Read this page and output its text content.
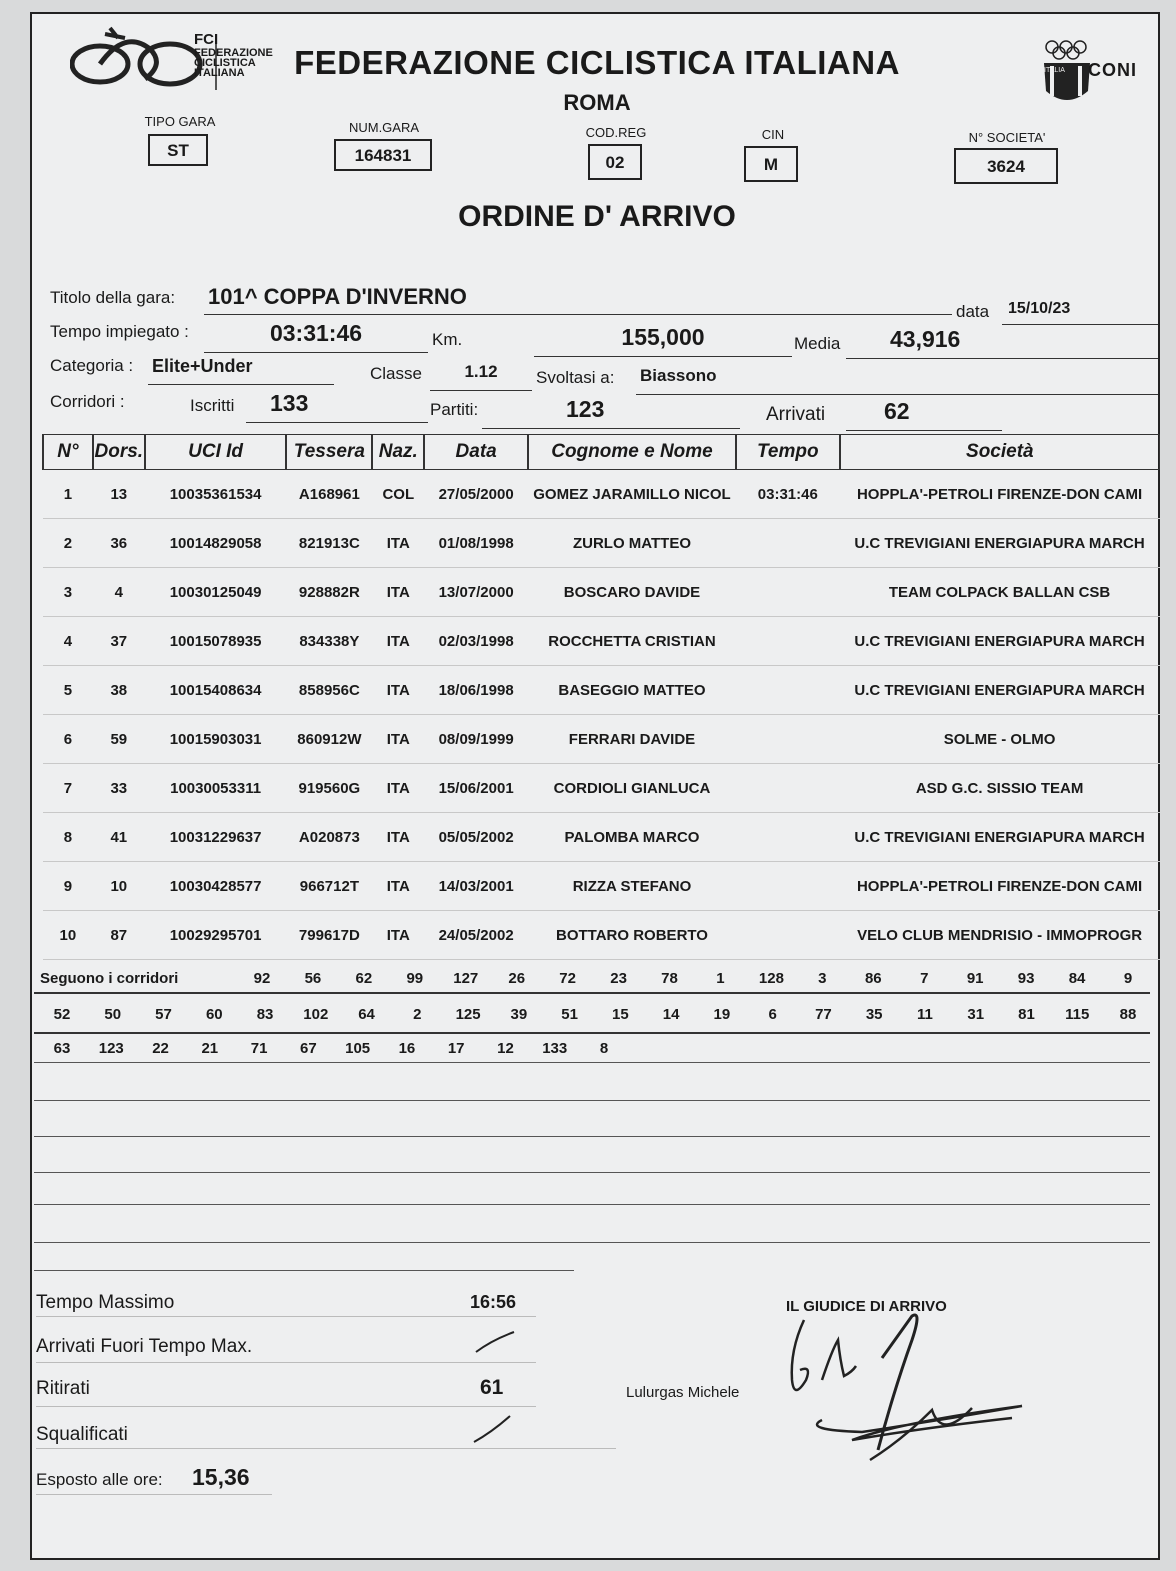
FCI
FEDERAZIONE
CICLISTICA
ITALIANA	FEDERAZIONE CICLISTICA ITALIANA
ROMA
ITALIA CONI
TIPO GARA
ST
NUM.GARA
164831
COD.REG
02
CIN
M
N° SOCIETA'
3624
ORDINE D' ARRIVO
Titolo della gara: 101^ COPPA D'INVERNO
data	15/10/23
Tempo impiegato :	03:31:46	Km.	155,000	Media	43,916
Categoria : Elite+Under	Classe	1.12	Svoltasi a: Biassono
Corridori :	Iscritti	133	Partiti:	123	Arrivati	62
N°	Dors.	UCI Id	Tessera	Naz.	Data	Cognome e Nome	Tempo	Società
1	13	10035361534	A168961	COL	27/05/2000	GOMEZ JARAMILLO NICOL	03:31:46	HOPPLA'-PETROLI FIRENZE-DON CAMI
2	36	10014829058	821913C	ITA	01/08/1998	ZURLO MATTEO		U.C TREVIGIANI ENERGIAPURA MARCH
3	4	10030125049	928882R	ITA	13/07/2000	BOSCARO DAVIDE		TEAM COLPACK BALLAN CSB
4	37	10015078935	834338Y	ITA	02/03/1998	ROCCHETTA CRISTIAN		U.C TREVIGIANI ENERGIAPURA MARCH
5	38	10015408634	858956C	ITA	18/06/1998	BASEGGIO MATTEO		U.C TREVIGIANI ENERGIAPURA MARCH
6	59	10015903031	860912W	ITA	08/09/1999	FERRARI DAVIDE		SOLME - OLMO
7	33	10030053311	919560G	ITA	15/06/2001	CORDIOLI GIANLUCA		ASD G.C. SISSIO TEAM
8	41	10031229637	A020873	ITA	05/05/2002	PALOMBA MARCO		U.C TREVIGIANI ENERGIAPURA MARCH
9	10	10030428577	966712T	ITA	14/03/2001	RIZZA STEFANO		HOPPLA'-PETROLI FIRENZE-DON CAMI
10	87	10029295701	799617D	ITA	24/05/2002	BOTTARO ROBERTO		VELO CLUB MENDRISIO - IMMOPROGR
Seguono i corridori	92	56	62	99	127	26	72	23	78	1	128	3	86	7	91	93	84	9
52	50	57	60	83	102	64	2	125	39	51	15	14	19	6	77	35	11	31	81	115	88
63	123	22	21	71	67	105	16	17	12	133	8
Tempo Massimo	16:56
Arrivati Fuori Tempo Max.
Ritirati	61
Squalificati
Esposto alle ore: 15,36
IL GIUDICE DI ARRIVO
Lulurgas Michele
